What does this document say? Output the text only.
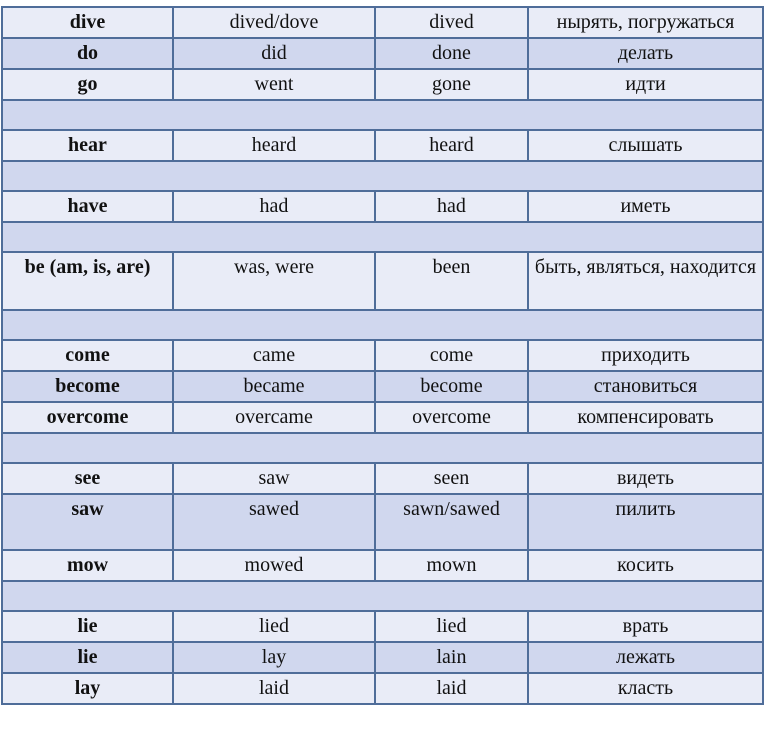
dive	dived/dove	dived	нырять, погружаться
do	did	done	делать
go	went	gone	идти

hear	heard	heard	слышать

have	had	had	иметь

be (am, is, are)	was, were	been	быть, являться, находится

come	came	come	приходить
become	became	become	становиться
overcome	overcame	overcome	компенсировать

see	saw	seen	видеть
saw	sawed	sawn/sawed	пилить
mow	mowed	mown	косить

lie	lied	lied	врать
lie	lay	lain	лежать
lay	laid	laid	класть
